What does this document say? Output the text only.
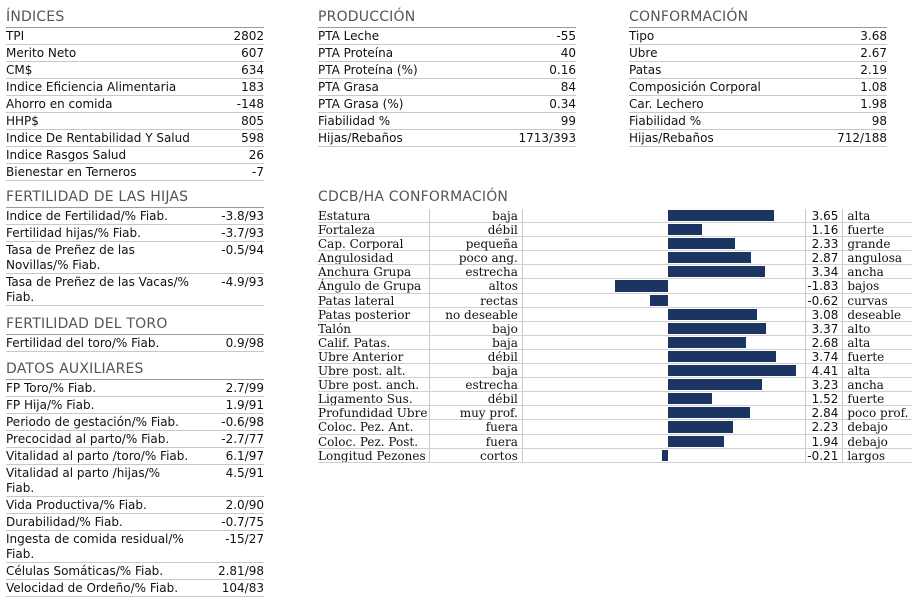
ÍNDICES
TPI	2802
Merito Neto	607
CM$	634
Indice Eficiencia Alimentaria	183
Ahorro en comida	-148
HHP$	805
Indice De Rentabilidad Y Salud	598
Indice Rasgos Salud	26
Bienestar en Terneros	-7
PRODUCCIÓN
PTA Leche	-55
PTA Proteína	40
PTA Proteína (%)	0.16
PTA Grasa	84
PTA Grasa (%)	0.34
Fiabilidad %	99
Hijas/Rebaños	1713/393
CONFORMACIÓN
Tipo	3.68
Ubre	2.67
Patas	2.19
Composición Corporal	1.08
Car. Lechero	1.98
Fiabilidad %	98
Hijas/Rebaños	712/188
FERTILIDAD DE LAS HIJAS
Indice de Fertilidad/% Fiab.	-3.8/93
Fertilidad hijas/% Fiab.	-3.7/93
Tasa de Preñez de las Novillas/% Fiab.
-0.5/94
Tasa de Preñez de las Vacas/% Fiab.
-4.9/93
FERTILIDAD DEL TORO
Fertilidad del toro/% Fiab.	0.9/98
DATOS AUXILIARES
FP Toro/% Fiab.	2.7/99
FP Hija/% Fiab.	1.9/91
Periodo de gestación/% Fiab.	-0.6/98
Precocidad al parto/% Fiab.	-2.7/77
Vitalidad al parto /toro/% Fiab.	6.1/97
Vitalidad al parto /hijas/% Fiab.
4.5/91
Vida Productiva/% Fiab.	2.0/90
Durabilidad/% Fiab.	-0.7/75
Ingesta de comida residual/% Fiab.
-15/27
Células Somáticas/% Fiab.	2.81/98
Velocidad de Ordeño/% Fiab.	104/83
CDCB/HA CONFORMACIÓN
Estatura	baja	3.65 alta
Fortaleza	débil	1.16 fuerte
Cap. Corporal	pequeña	2.33 grande
Angulosidad	poco ang.	2.87 angulosa
Anchura Grupa	estrecha	3.34 ancha
Ángulo de Grupa	altos	-1.83 bajos
Patas lateral	rectas	-0.62 curvas
Patas posterior	no deseable	3.08 deseable
Talón	bajo	3.37 alto
Calif. Patas.	baja	2.68 alta
Ubre Anterior	débil	3.74 fuerte
Ubre post. alt.	baja	4.41 alta
Ubre post. anch.	estrecha	3.23 ancha
Ligamento Sus.	débil	1.52 fuerte
Profundidad Ubre	muy prof.	2.84 poco prof.
Coloc. Pez. Ant.	fuera	2.23 debajo
Coloc. Pez. Post.	fuera	1.94 debajo
Longitud Pezones	cortos	-0.21 largos
